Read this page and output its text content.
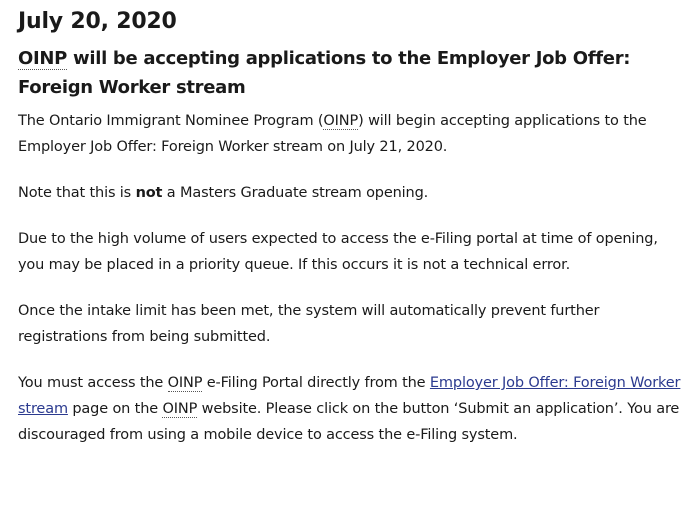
July 20, 2020
OINP will be accepting applications to the Employer Job Offer: Foreign Worker stream

The Ontario Immigrant Nominee Program (OINP) will begin accepting applications to the Employer Job Offer: Foreign Worker stream on July 21, 2020.

Note that this is not a Masters Graduate stream opening.

Due to the high volume of users expected to access the e-Filing portal at time of opening, you may be placed in a priority queue. If this occurs it is not a technical error.

Once the intake limit has been met, the system will automatically prevent further registrations from being submitted.

You must access the OINP e-Filing Portal directly from the Employer Job Offer: Foreign Worker stream page on the OINP website. Please click on the button ‘Submit an application’. You are discouraged from using a mobile device to access the e-Filing system.
